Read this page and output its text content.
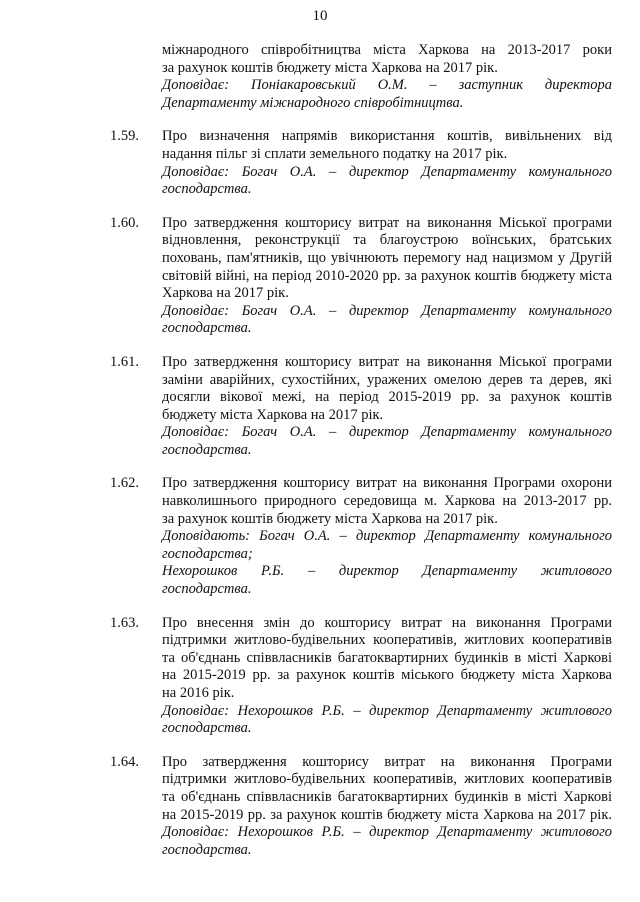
10
міжнародного співробітництва міста Харкова на 2013-2017 роки
за рахунок коштів бюджету міста Харкова на 2017 рік.
Доповідає: Поніакаровський О.М. – заступник директора
Департаменту міжнародного співробітництва.
1.59. Про визначення напрямів використання коштів, вивільнених від
надання пільг зі сплати земельного податку на 2017 рік.
Доповідає: Богач О.А. – директор Департаменту комунального
господарства.
1.60. Про затвердження кошторису витрат на виконання Міської програми
відновлення, реконструкції та благоустрою воїнських, братських
поховань, пам'ятників, що увічнюють перемогу над нацизмом у Другій
світовій війні, на період 2010-2020 рр. за рахунок коштів бюджету міста
Харкова на 2017 рік.
Доповідає: Богач О.А. – директор Департаменту комунального
господарства.
1.61. Про затвердження кошторису витрат на виконання Міської програми
заміни аварійних, сухостійних, уражених омелою дерев та дерев, які
досягли вікової межі, на період 2015-2019 рр. за рахунок коштів
бюджету міста Харкова на 2017 рік.
Доповідає: Богач О.А. – директор Департаменту комунального
господарства.
1.62. Про затвердження кошторису витрат на виконання Програми охорони
навколишнього природного середовища м. Харкова на 2013-2017 рр.
за рахунок коштів бюджету міста Харкова на 2017 рік.
Доповідають: Богач О.А. – директор Департаменту комунального
господарства;
Нехорошков Р.Б. – директор Департаменту житлового
господарства.
1.63. Про внесення змін до кошторису витрат на виконання Програми
підтримки житлово-будівельних кооперативів, житлових кооперативів
та об'єднань співвласників багатоквартирних будинків в місті Харкові
на 2015-2019 рр. за рахунок коштів міського бюджету міста Харкова
на 2016 рік.
Доповідає: Нехорошков Р.Б. – директор Департаменту житлового
господарства.
1.64. Про затвердження кошторису витрат на виконання Програми
підтримки житлово-будівельних кооперативів, житлових кооперативів
та об'єднань співвласників багатоквартирних будинків в місті Харкові
на 2015-2019 рр. за рахунок коштів бюджету міста Харкова на 2017 рік.
Доповідає: Нехорошков Р.Б. – директор Департаменту житлового
господарства.
